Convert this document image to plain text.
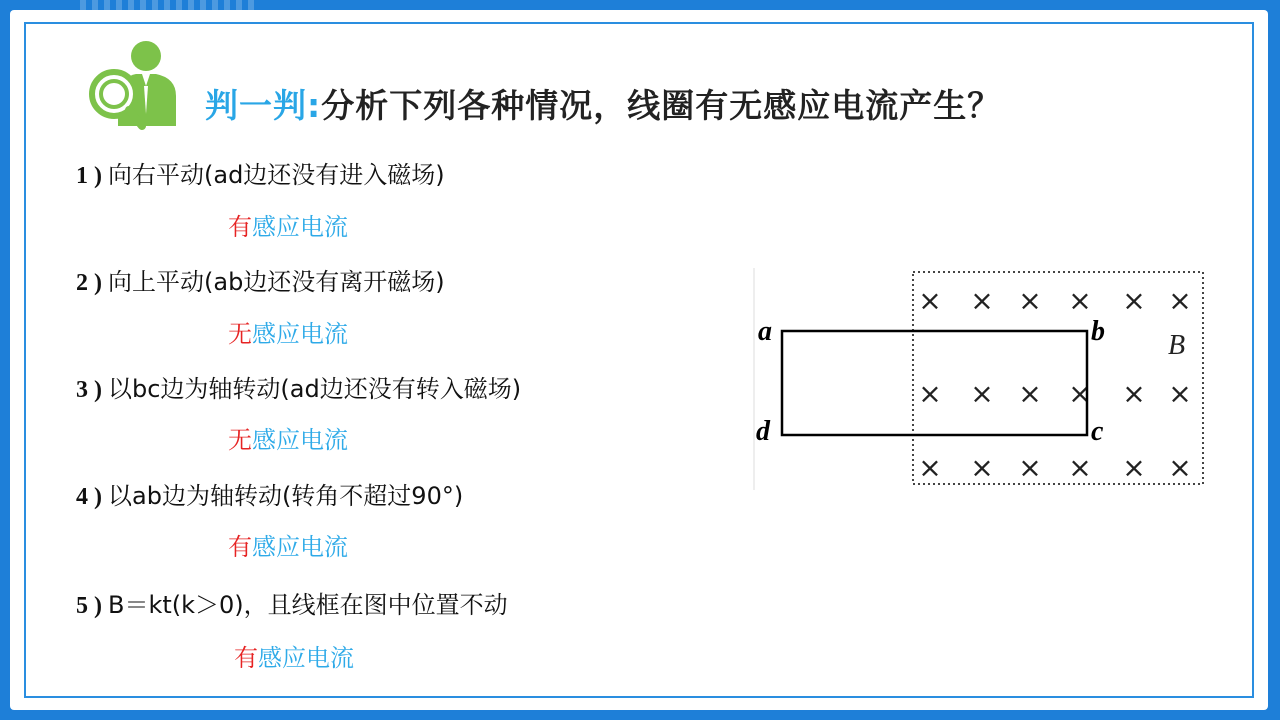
判一判:分析下列各种情况，线圈有无感应电流产生？
1 ) 向右平动(ad边还没有进入磁场)
有感应电流
2 ) 向上平动(ab边还没有离开磁场)
无感应电流
3 ) 以bc边为轴转动(ad边还没有转入磁场)
无感应电流
4 ) 以ab边为轴转动(转角不超过90°)
有感应电流
5 ) B＝kt(k＞0)，且线框在图中位置不动
有感应电流
× × × × × ×
× × × × × ×
× × × × × ×
a	b
c
d
B
